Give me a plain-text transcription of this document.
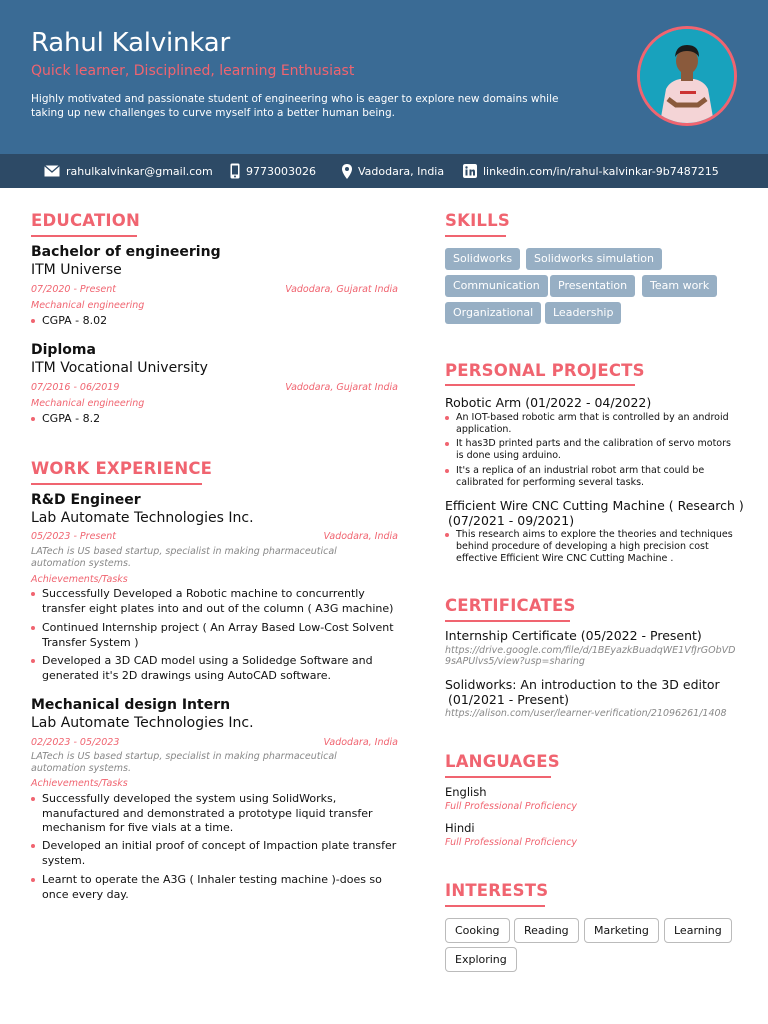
Rahul Kalvinkar
Quick learner, Disciplined, learning Enthusiast
Highly motivated and passionate student of engineering who is eager to explore new domains while taking up new challenges to curve myself into a better human being.
rahulkalvinkar@gmail.com	9773003026	Vadodara, India	linkedin.com/in/rahul-kalvinkar-9b7487215
EDUCATION
Bachelor of engineering
ITM Universe
07/2020 - Present	Vadodara, Gujarat India
Mechanical engineering
CGPA - 8.02
Diploma
ITM Vocational University
07/2016 - 06/2019	Vadodara, Gujarat India
Mechanical engineering
CGPA - 8.2
WORK EXPERIENCE
R&D Engineer
Lab Automate Technologies Inc.
05/2023 - Present	Vadodara, India
LATech is US based startup, specialist in making pharmaceutical automation systems.
Achievements/Tasks
Successfully Developed a Robotic machine to concurrently transfer eight plates into and out of the column ( A3G machine)
Continued Internship project ( An Array Based Low-Cost Solvent Transfer System )
Developed a 3D CAD model using a Solidedge Software and generated it's 2D drawings using AutoCAD software.
Mechanical design Intern
Lab Automate Technologies Inc.
02/2023 - 05/2023	Vadodara, India
LATech is US based startup, specialist in making pharmaceutical automation systems.
Achievements/Tasks
Successfully developed the system using SolidWorks, manufactured and demonstrated a prototype liquid transfer mechanism for five vials at a time.
Developed an initial proof of concept of Impaction plate transfer system.
Learnt to operate the A3G ( Inhaler testing machine )-does so once every day.
SKILLS
Solidworks	Solidworks simulation
Communication	Presentation	Team work
Organizational	Leadership
PERSONAL PROJECTS
Robotic Arm (01/2022 - 04/2022)
An IOT-based robotic arm that is controlled by an android application.
It has3D printed parts and the calibration of servo motors is done using arduino.
It's a replica of an industrial robot arm that could be calibrated for performing several tasks.
Efficient Wire CNC Cutting Machine ( Research )
(07/2021 - 09/2021)
This research aims to explore the theories and techniques behind procedure of developing a high precision cost effective Efficient Wire CNC Cutting Machine .
CERTIFICATES
Internship Certificate (05/2022 - Present)
https://drive.google.com/file/d/1BEyazkBuadqWE1VfJrGObVD9sAPUlvs5/view?usp=sharing
Solidworks: An introduction to the 3D editor
(01/2021 - Present)
https://alison.com/user/learner-verification/21096261/1408
LANGUAGES
English
Full Professional Proficiency
Hindi
Full Professional Proficiency
INTERESTS
Cooking	Reading	Marketing	Learning
Exploring
